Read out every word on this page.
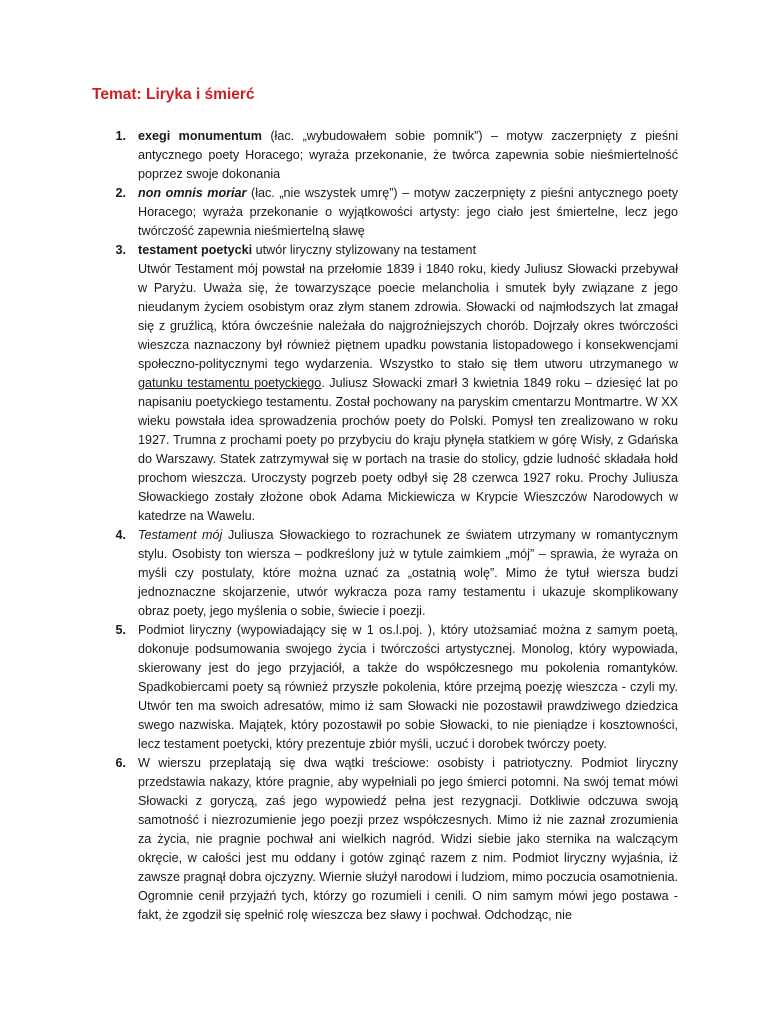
Temat: Liryka i śmierć
1. exegi monumentum (łac. „wybudowałem sobie pomnik”) – motyw zaczerpnięty z pieśni antycznego poety Horacego; wyraża przekonanie, że twórca zapewnia sobie nieśmiertelność poprzez swoje dokonania
2. non omnis moriar (łac. „nie wszystek umrę”) – motyw zaczerpnięty z pieśni antycznego poety Horacego; wyraża przekonanie o wyjątkowości artysty: jego ciało jest śmiertelne, lecz jego twórczość zapewnia nieśmiertelną sławę
3. testament poetycki utwór liryczny stylizowany na testament
Utwór Testament mój powstał na przełomie 1839 i 1840 roku, kiedy Juliusz Słowacki przebywał w Paryżu. Uważa się, że towarzyszące poecie melancholia i smutek były związane z jego nieudanym życiem osobistym oraz złym stanem zdrowia. Słowacki od najmłodszych lat zmagał się z gruźlicą, która ówcześnie należała do najgroźniejszych chorób. Dojrzały okres twórczości wieszcza naznaczony był również piętnem upadku powstania listopadowego i konsekwencjami społeczno-politycznymi tego wydarzenia. Wszystko to stało się tłem utworu utrzymanego w gatunku testamentu poetyckiego. Juliusz Słowacki zmarł 3 kwietnia 1849 roku – dziesięć lat po napisaniu poetyckiego testamentu. Został pochowany na paryskim cmentarzu Montmartre. W XX wieku powstała idea sprowadzenia prochów poety do Polski. Pomysł ten zrealizowano w roku 1927. Trumna z prochami poety po przybyciu do kraju płynęła statkiem w górę Wisły, z Gdańska do Warszawy. Statek zatrzymywał się w portach na trasie do stolicy, gdzie ludność składała hołd prochom wieszcza. Uroczysty pogrzeb poety odbył się 28 czerwca 1927 roku. Prochy Juliusza Słowackiego zostały złożone obok Adama Mickiewicza w Krypcie Wieszczów Narodowych w katedrze na Wawelu.
4. Testament mój Juliusza Słowackiego to rozrachunek ze światem utrzymany w romantycznym stylu. Osobisty ton wiersza – podkreślony już w tytule zaimkiem „mój” – sprawia, że wyraża on myśli czy postulaty, które można uznać za „ostatnią wolę”. Mimo że tytuł wiersza budzi jednoznaczne skojarzenie, utwór wykracza poza ramy testamentu i ukazuje skomplikowany obraz poety, jego myślenia o sobie, świecie i poezji.
5. Podmiot liryczny (wypowiadający się w 1 os.l.poj. ), który utożsamiać można z samym poetą, dokonuje podsumowania swojego życia i twórczości artystycznej. Monolog, który wypowiada, skierowany jest do jego przyjaciół, a także do współczesnego mu pokolenia romantyków. Spadkobiercami poety są również przyszłe pokolenia, które przejmą poezję wieszcza - czyli my. Utwór ten ma swoich adresatów, mimo iż sam Słowacki nie pozostawił prawdziwego dziedzica swego nazwiska. Majątek, który pozostawił po sobie Słowacki, to nie pieniądze i kosztowności, lecz testament poetycki, który prezentuje zbiór myśli, uczuć i dorobek twórczy poety.
6. W wierszu przeplatają się dwa wątki treściowe: osobisty i patriotyczny. Podmiot liryczny przedstawia nakazy, które pragnie, aby wypełniali po jego śmierci potomni. Na swój temat mówi Słowacki z goryczą, zaś jego wypowiedź pełna jest rezygnacji. Dotkliwie odczuwa swoją samotność i niezrozumienie jego poezji przez współczesnych. Mimo iż nie zaznał zrozumienia za życia, nie pragnie pochwał ani wielkich nagród. Widzi siebie jako sternika na walczącym okręcie, w całości jest mu oddany i gotów zginąć razem z nim. Podmiot liryczny wyjaśnia, iż zawsze pragnął dobra ojczyzny. Wiernie służył narodowi i ludziom, mimo poczucia osamotnienia. Ogromnie cenił przyjaźń tych, którzy go rozumieli i cenili. O nim samym mówi jego postawa - fakt, że zgodził się spełnić rolę wieszcza bez sławy i pochwał. Odchodząc, nie
